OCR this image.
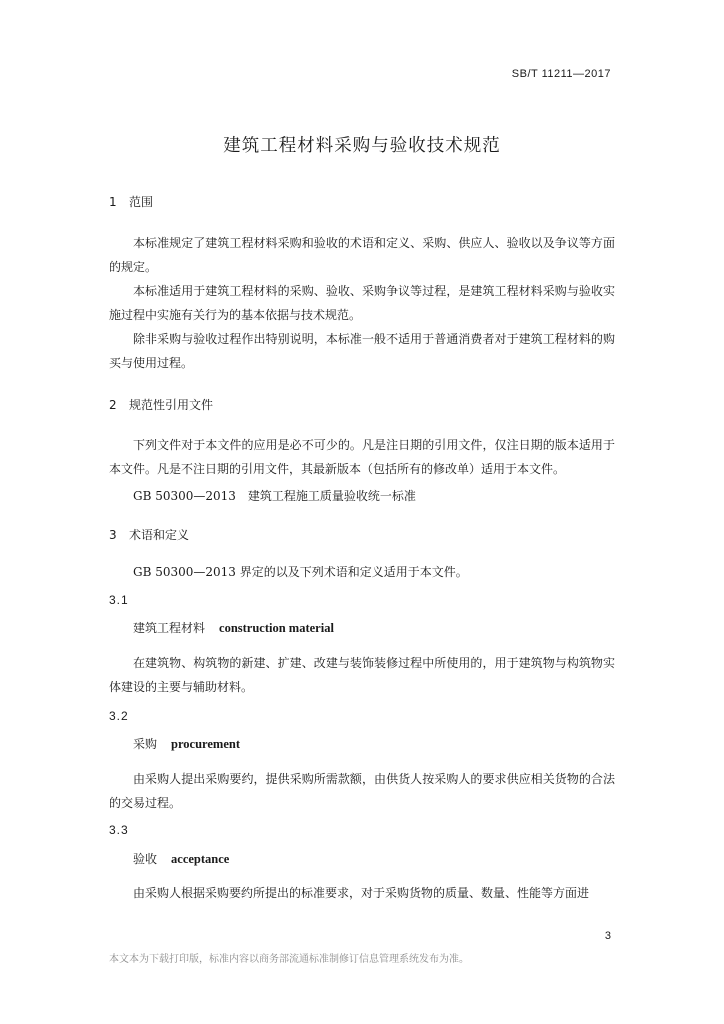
SB/T 11211—2017
建筑工程材料采购与验收技术规范
1 范围
本标准规定了建筑工程材料采购和验收的术语和定义、采购、供应人、验收以及争议等方面的规定。
本标准适用于建筑工程材料的采购、验收、采购争议等过程，是建筑工程材料采购与验收实施过程中实施有关行为的基本依据与技术规范。
除非采购与验收过程作出特别说明，本标准一般不适用于普通消费者对于建筑工程材料的购买与使用过程。
2 规范性引用文件
下列文件对于本文件的应用是必不可少的。凡是注日期的引用文件，仅注日期的版本适用于本文件。凡是不注日期的引用文件，其最新版本（包括所有的修改单）适用于本文件。
GB 50300—2013　建筑工程施工质量验收统一标准
3 术语和定义
GB 50300—2013 界定的以及下列术语和定义适用于本文件。
3.1
建筑工程材料 construction material
在建筑物、构筑物的新建、扩建、改建与装饰装修过程中所使用的，用于建筑物与构筑物实体建设的主要与辅助材料。
3.2
采购 procurement
由采购人提出采购要约，提供采购所需款额，由供货人按采购人的要求供应相关货物的合法的交易过程。
3.3
验收 acceptance
由采购人根据采购要约所提出的标准要求，对于采购货物的质量、数量、性能等方面进
3
本文本为下载打印版，标准内容以商务部流通标准制修订信息管理系统发布为准。
